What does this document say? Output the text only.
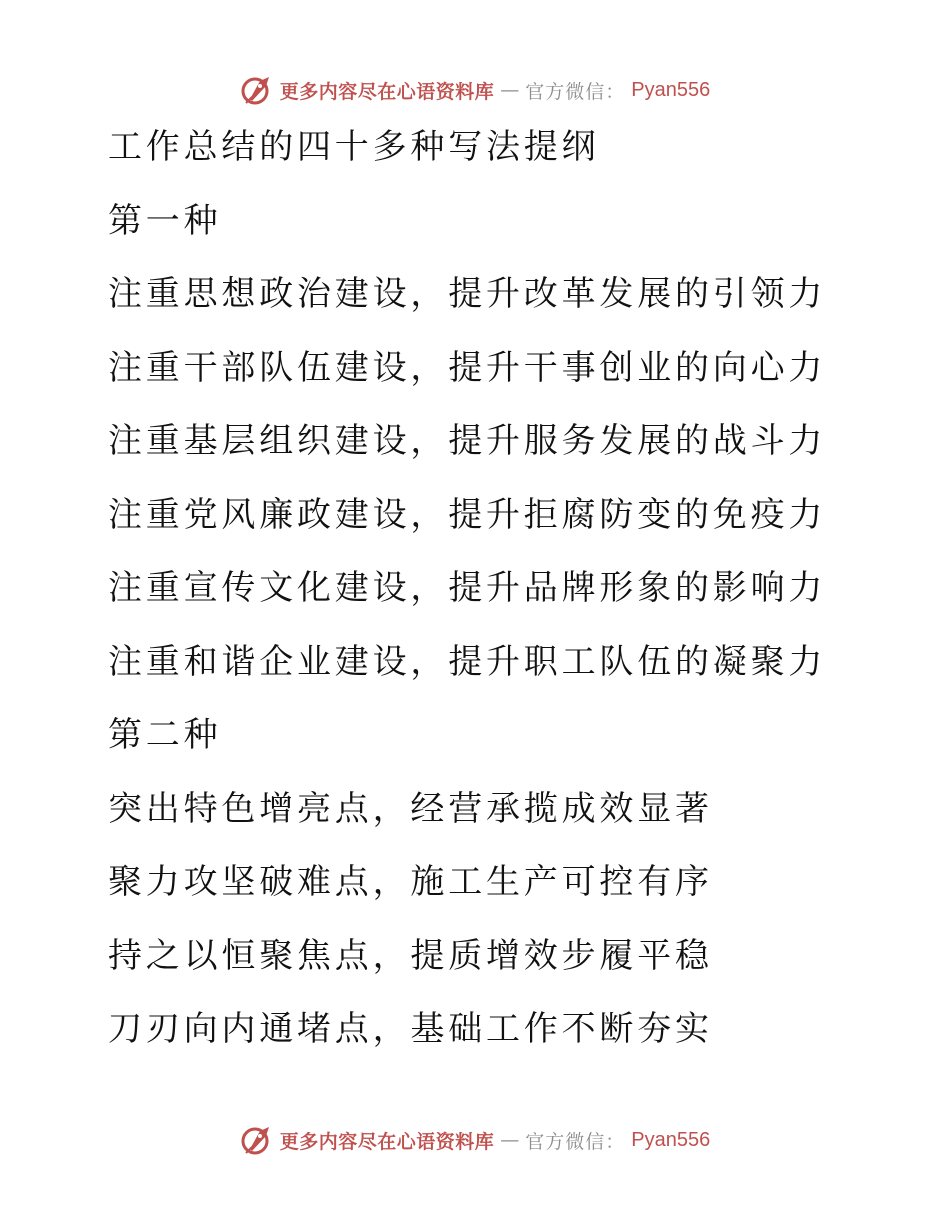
更多内容尽在心语资料库 — 官方微信： Pyan556
工作总结的四十多种写法提纲
第一种
注重思想政治建设，提升改革发展的引领力
注重干部队伍建设，提升干事创业的向心力
注重基层组织建设，提升服务发展的战斗力
注重党风廉政建设，提升拒腐防变的免疫力
注重宣传文化建设，提升品牌形象的影响力
注重和谐企业建设，提升职工队伍的凝聚力
第二种
突出特色增亮点，经营承揽成效显著
聚力攻坚破难点，施工生产可控有序
持之以恒聚焦点，提质增效步履平稳
刀刃向内通堵点，基础工作不断夯实
更多内容尽在心语资料库 — 官方微信： Pyan556
